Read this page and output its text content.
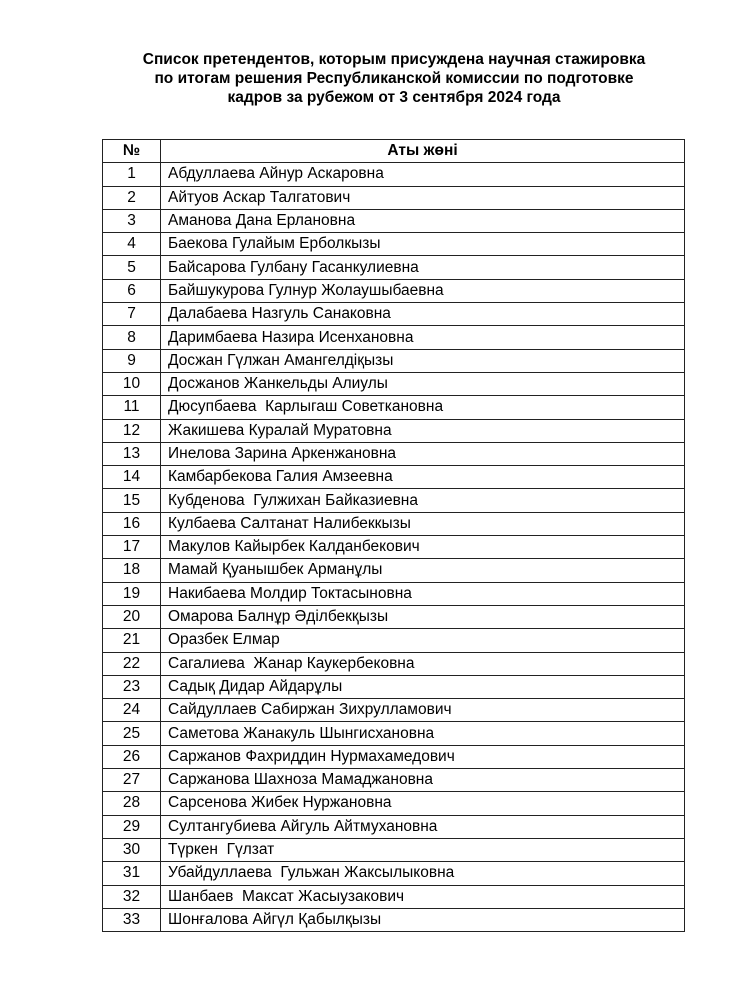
Список претендентов, которым присуждена научная стажировка
по итогам решения Республиканской комиссии по подготовке
кадров за рубежом от 3 сентября 2024 года
№	Аты жөні
1	Абдуллаева Айнур Аскаровна
2	Айтуов Аскар Талгатович
3	Аманова Дана Ерлановна
4	Баекова Гулайым Ерболкызы
5	Байсарова Гулбану Гасанкулиевна
6	Байшукурова Гулнур Жолаушыбаевна
7	Далабаева Назгуль Санаковна
8	Даримбаева Назира Исенхановна
9	Досжан Гүлжан Амангелдіқызы
10	Досжанов Жанкельды Алиулы
11	Дюсупбаева  Карлыгаш Советкановна
12	Жакишева Куралай Муратовна
13	Инелова Зарина Аркенжановна
14	Камбарбекова Галия Амзеевна
15	Кубденова  Гулжихан Байказиевна
16	Кулбаева Салтанат Налибеккызы
17	Макулов Кайырбек Калданбекович
18	Мамай Қуанышбек Арманұлы
19	Накибаева Молдир Токтасыновна
20	Омарова Балнұр Әділбекқызы
21	Оразбек Елмар
22	Сагалиева  Жанар Каукербековна
23	Садық Дидар Айдарұлы
24	Сайдуллаев Сабиржан Зихрулламович
25	Саметова Жанакуль Шынгисхановна
26	Саржанов Фахриддин Нурмахамедович
27	Саржанова Шахноза Мамаджановна
28	Сарсенова Жибек Нуржановна
29	Султангубиева Айгуль Айтмухановна
30	Түркен  Гүлзат
31	Убайдуллаева  Гульжан Жаксылыковна
32	Шанбаев  Максат Жасыузакович
33	Шонғалова Айгүл Қабылқызы
